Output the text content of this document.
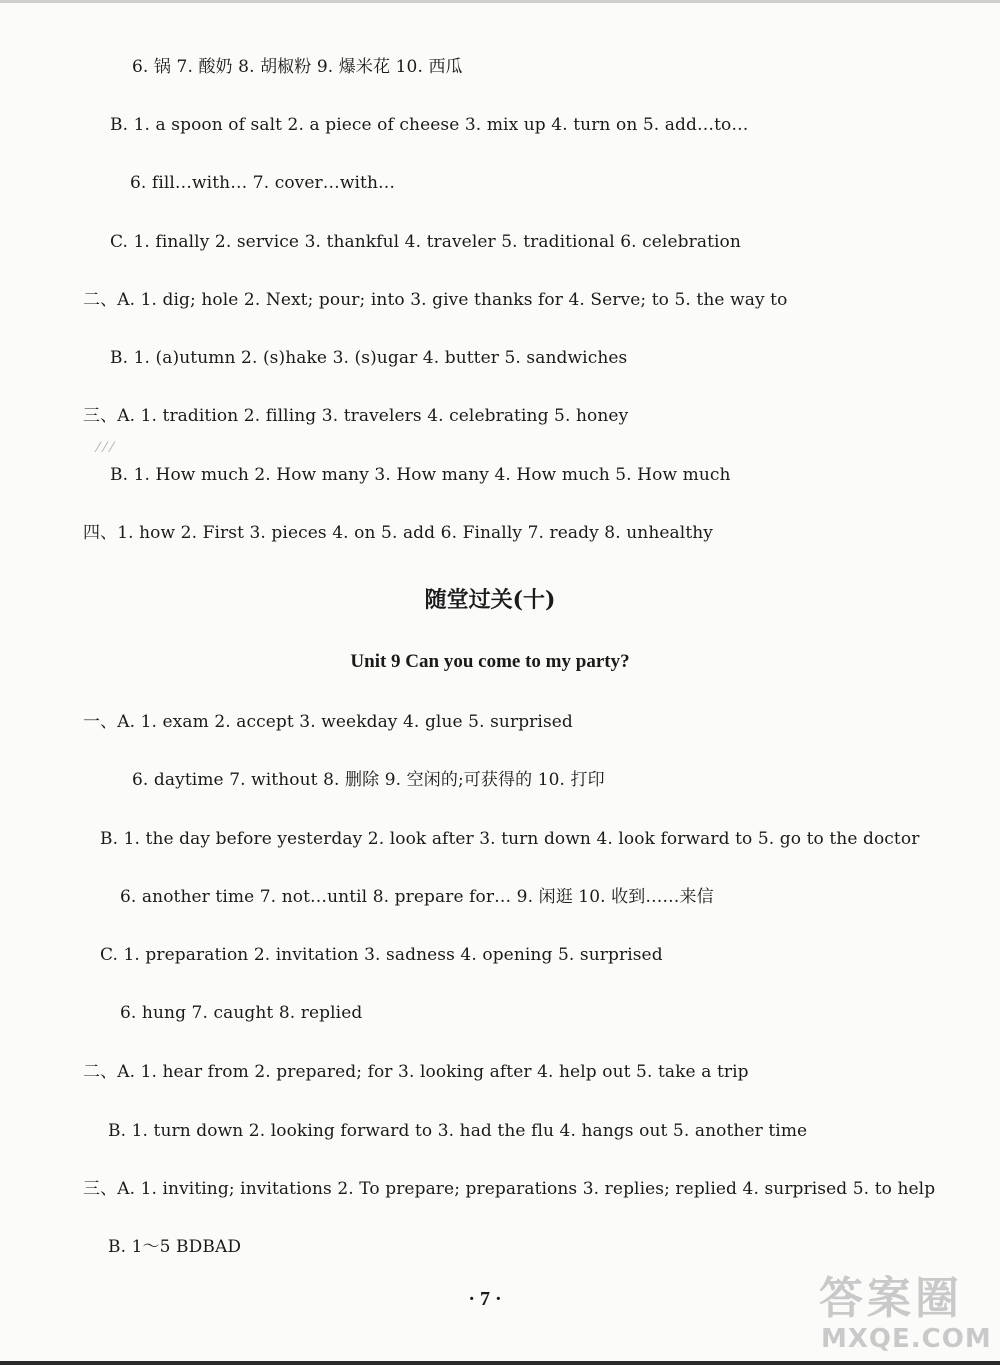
6. 锅 7. 酸奶 8. 胡椒粉 9. 爆米花 10. 西瓜
B. 1. a spoon of salt 2. a piece of cheese 3. mix up 4. turn on 5. add…to…
6. fill…with… 7. cover…with…
C. 1. finally 2. service 3. thankful 4. traveler 5. traditional 6. celebration
二、A. 1. dig; hole 2. Next; pour; into 3. give thanks for 4. Serve; to 5. the way to
B. 1. (a)utumn 2. (s)hake 3. (s)ugar 4. butter 5. sandwiches
三、A. 1. tradition 2. filling 3. travelers 4. celebrating 5. honey
B. 1. How much 2. How many 3. How many 4. How much 5. How much
四、1. how 2. First 3. pieces 4. on 5. add 6. Finally 7. ready 8. unhealthy
⁄ ⁄ ⁄
随堂过关(十)
Unit 9 Can you come to my party?
一、A. 1. exam 2. accept 3. weekday 4. glue 5. surprised
6. daytime 7. without 8. 删除 9. 空闲的;可获得的 10. 打印
B. 1. the day before yesterday 2. look after 3. turn down 4. look forward to 5. go to the doctor
6. another time 7. not…until 8. prepare for… 9. 闲逛 10. 收到……来信
C. 1. preparation 2. invitation 3. sadness 4. opening 5. surprised
6. hung 7. caught 8. replied
二、A. 1. hear from 2. prepared; for 3. looking after 4. help out 5. take a trip
B. 1. turn down 2. looking forward to 3. had the flu 4. hangs out 5. another time
三、A. 1. inviting; invitations 2. To prepare; preparations 3. replies; replied 4. surprised 5. to help
B. 1～5 BDBAD
· 7 ·	答案圈
MXQE.COM
